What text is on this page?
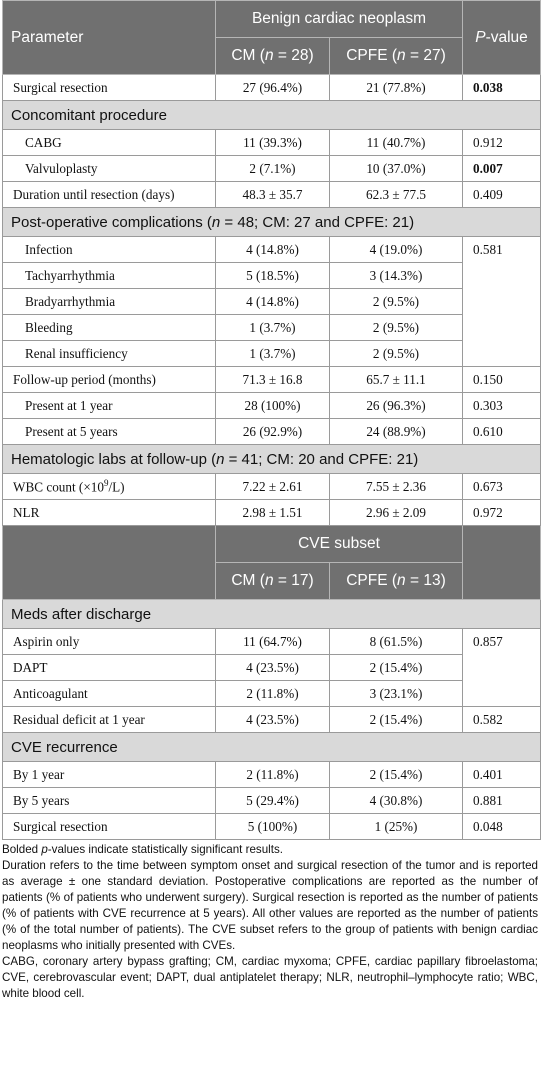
Parameter	Benign cardiac neoplasm		P-value
	CM (n = 28)	CPFE (n = 27)	
Surgical resection	27 (96.4%)	21 (77.8%)	0.038
Concomitant procedure			
CABG	11 (39.3%)	11 (40.7%)	0.912
Valvuloplasty	2 (7.1%)	10 (37.0%)	0.007
Duration until resection (days)	48.3 ± 35.7	62.3 ± 77.5	0.409
Post-operative complications (n = 48; CM: 27 and CPFE: 21)			
Infection	4 (14.8%)	4 (19.0%)	0.581
Tachyarrhythmia	5 (18.5%)	3 (14.3%)	
Bradyarrhythmia	4 (14.8%)	2 (9.5%)	
Bleeding	1 (3.7%)	2 (9.5%)	
Renal insufficiency	1 (3.7%)	2 (9.5%)	
Follow-up period (months)	71.3 ± 16.8	65.7 ± 11.1	0.150
Present at 1 year	28 (100%)	26 (96.3%)	0.303
Present at 5 years	26 (92.9%)	24 (88.9%)	0.610
Hematologic labs at follow-up (n = 41; CM: 20 and CPFE: 21)			
WBC count $(\times 10^9/L)$	7.22 ± 2.61	7.55 ± 2.36	0.673
NLR	2.98 ± 1.51	2.96 ± 2.09	0.972
	CVE subset		
	CM (n = 17)	CPFE (n = 13)	
Meds after discharge			
Aspirin only	11 (64.7%)	8 (61.5%)	0.857
DAPT	4 (23.5%)	2 (15.4%)	
Anticoagulant	2 (11.8%)	3 (23.1%)	
Residual deficit at 1 year	4 (23.5%)	2 (15.4%)	0.582
CVE recurrence			
By 1 year	2 (11.8%)	2 (15.4%)	0.401
By 5 years	5 (29.4%)	4 (30.8%)	0.881
Surgical resection	5 (100%)	1 (25%)	0.048

Bolded p-values indicate statistically significant results.

Duration refers to the time between symptom onset and surgical resection of the tumor and is reported as average ± one standard deviation. Postoperative complications are reported as the number of patients (% of patients who underwent surgery). Surgical resection is reported as the number of patients (% of patients with CVE recurrence at 5 years). All other values are reported as the number of patients (% of the total number of patients). The CVE subset refers to the group of patients with benign cardiac neoplasms who initially presented with CVEs.

CABG, coronary artery bypass grafting; CM, cardiac myxoma; CPFE, cardiac papillary fibroelastoma; CVE, cerebrovascular event; DAPT, dual antiplatelet therapy; NLR, neutrophil–lymphocyte ratio; WBC, white blood cell.
